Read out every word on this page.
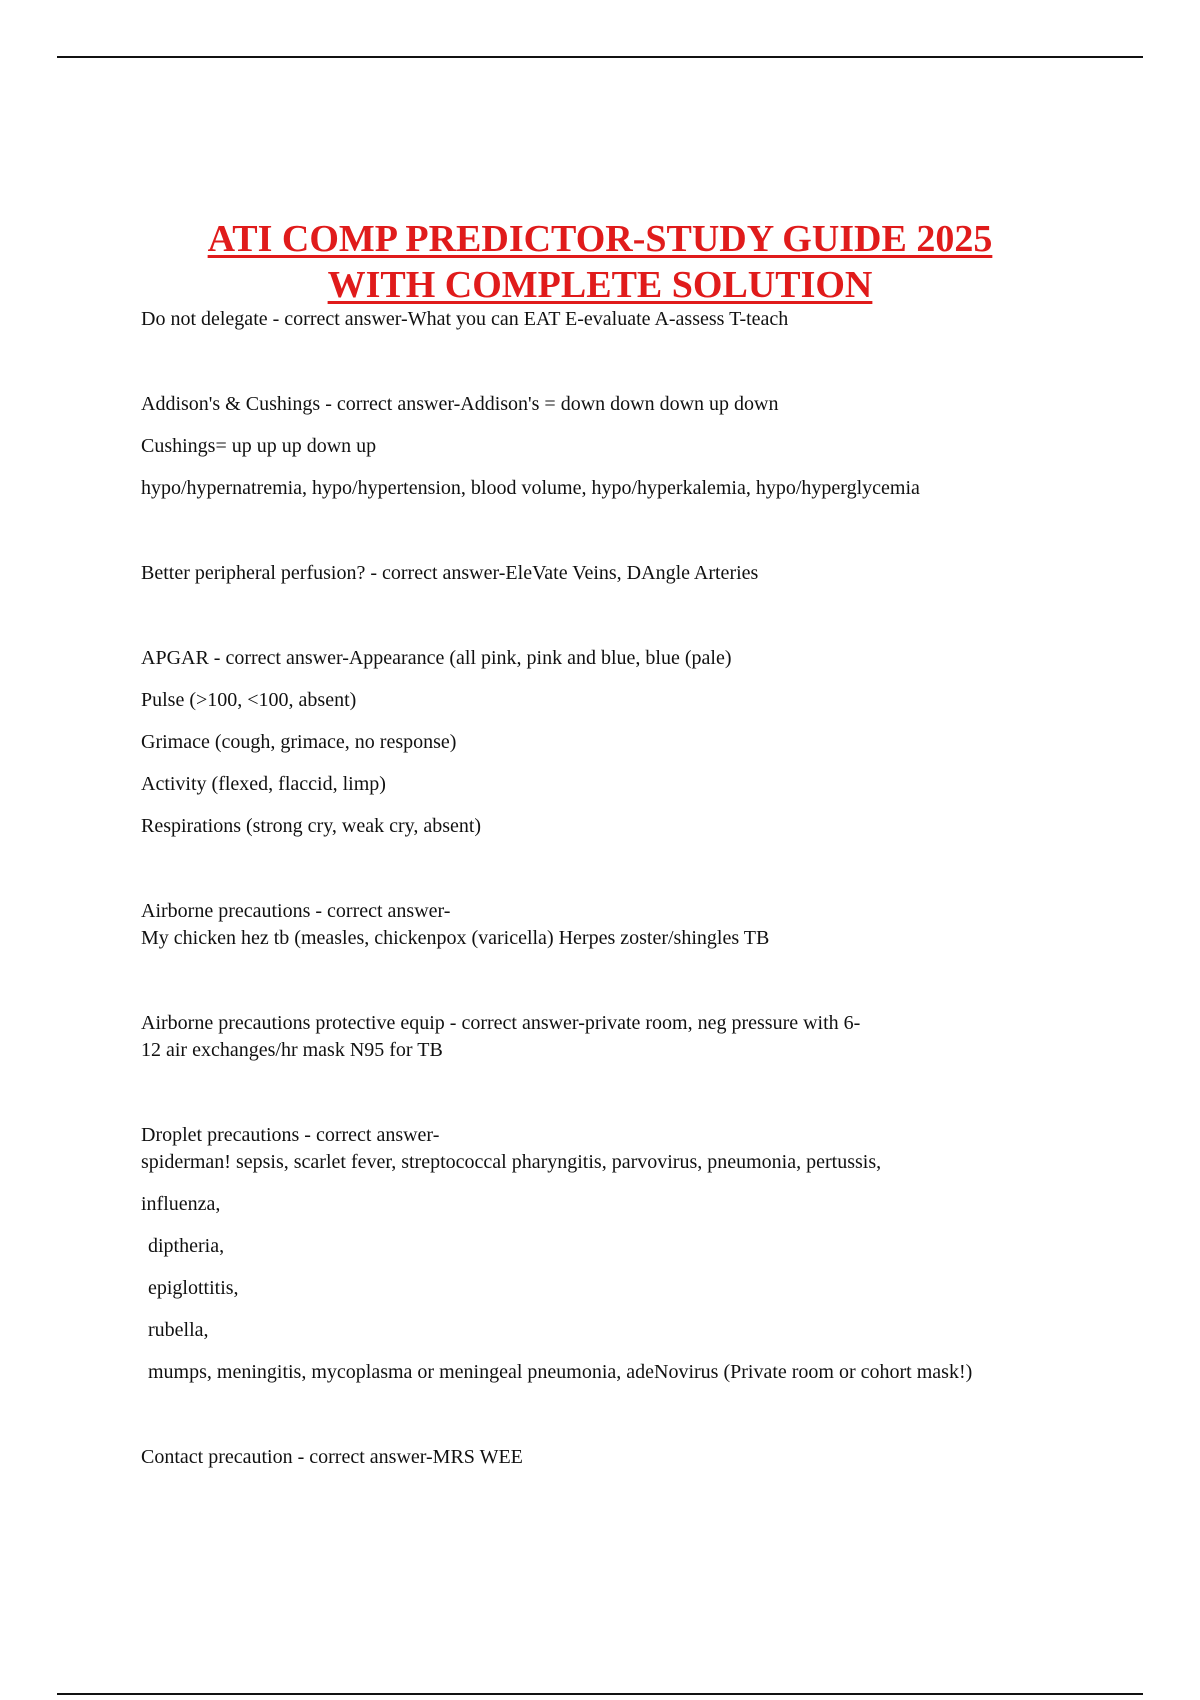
ATI COMP PREDICTOR-STUDY GUIDE 2025
WITH COMPLETE SOLUTION

Do not delegate - correct answer-What you can EAT E-evaluate A-assess T-teach

Addison's & Cushings - correct answer-Addison's = down down down up down

Cushings= up up up down up

hypo/hypernatremia, hypo/hypertension, blood volume, hypo/hyperkalemia, hypo/hyperglycemia

Better peripheral perfusion? - correct answer-EleVate Veins, DAngle Arteries

APGAR - correct answer-Appearance (all pink, pink and blue, blue (pale)

Pulse (>100, <100, absent)

Grimace (cough, grimace, no response)

Activity (flexed, flaccid, limp)

Respirations (strong cry, weak cry, absent)

Airborne precautions - correct answer-

My chicken hez tb (measles, chickenpox (varicella) Herpes zoster/shingles TB

Airborne precautions protective equip - correct answer-private room, neg pressure with 6-

12 air exchanges/hr mask N95 for TB

Droplet precautions - correct answer-

spiderman! sepsis, scarlet fever, streptococcal pharyngitis, parvovirus, pneumonia, pertussis,

influenza,

diptheria,

epiglottitis,

rubella,

mumps, meningitis, mycoplasma or meningeal pneumonia, adeNovirus (Private room or cohort mask!)

Contact precaution - correct answer-MRS WEE
